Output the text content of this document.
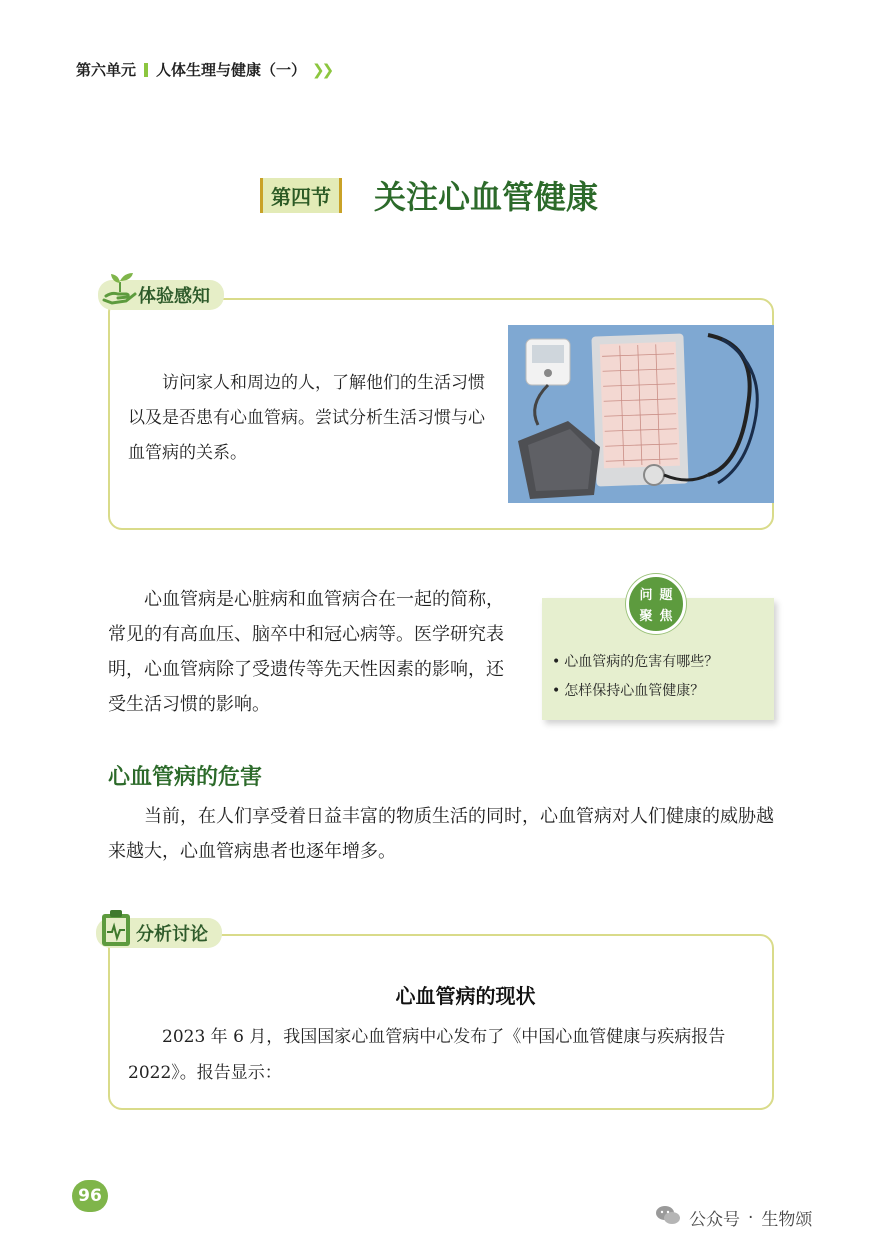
第六单元 人体生理与健康（一） ❯❯
第四节	关注心血管健康
体验感知

访问家人和周边的人，了解他们的生活习惯以及是否患有心血管病。尝试分析生活习惯与心血管病的关系。

心血管病是心脏病和血管病合在一起的简称，常见的有高血压、脑卒中和冠心病等。医学研究表明，心血管病除了受遗传等先天性因素的影响，还受生活习惯的影响。

问 题
聚 焦
• 心血管病的危害有哪些？
• 怎样保持心血管健康？
心血管病的危害

当前，在人们享受着日益丰富的物质生活的同时，心血管病对人们健康的威胁越来越大，心血管病患者也逐年增多。

分析讨论
心血管病的现状

2023 年 6 月，我国国家心血管病中心发布了《中国心血管健康与疾病报告 2022》。报告显示：

96
公众号 · 生物颂
